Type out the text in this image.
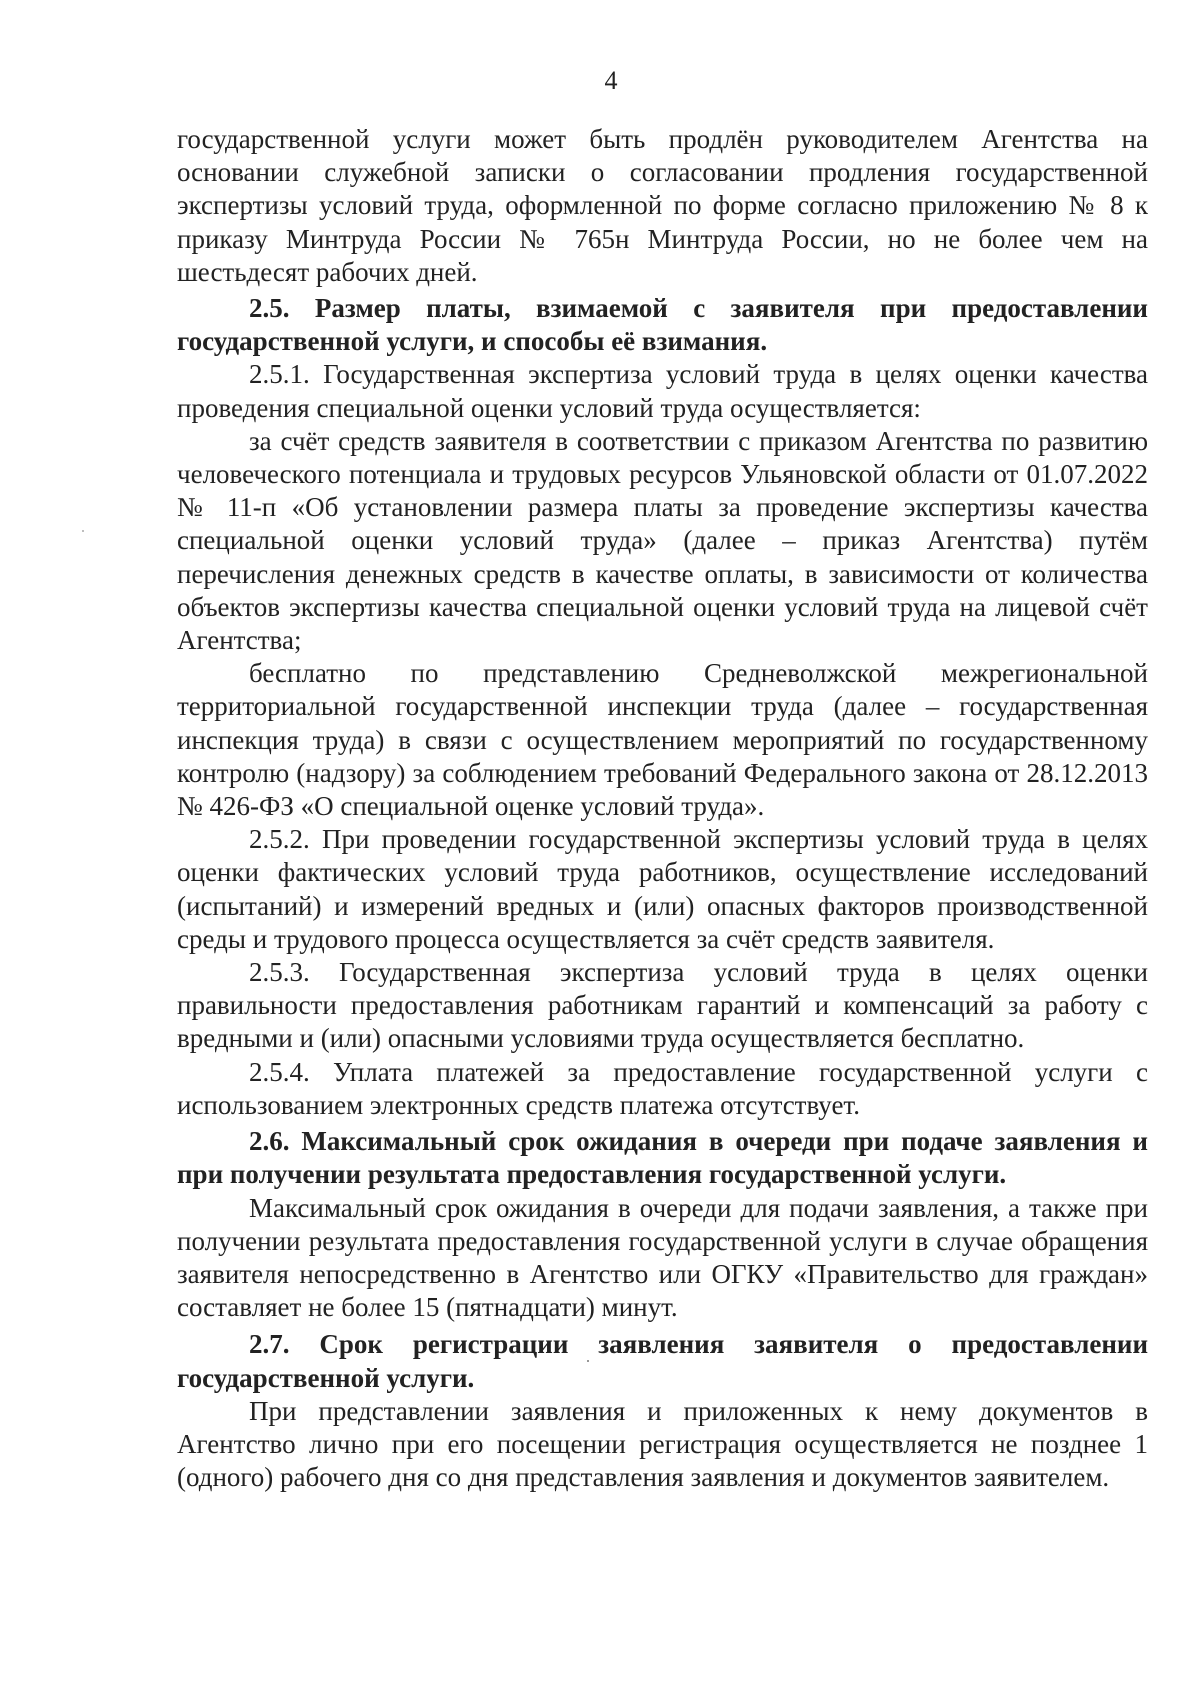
4

государственной услуги может быть продлён руководителем Агентства на основании служебной записки о согласовании продления государственной экспертизы условий труда, оформленной по форме согласно приложению № 8 к приказу Минтруда России № 765н Минтруда России, но не более чем на шестьдесят рабочих дней.

2.5. Размер платы, взимаемой с заявителя при предоставлении государственной услуги, и способы её взимания.

2.5.1. Государственная экспертиза условий труда в целях оценки качества проведения специальной оценки условий труда осуществляется:

за счёт средств заявителя в соответствии с приказом Агентства по развитию человеческого потенциала и трудовых ресурсов Ульяновской области от 01.07.2022 № 11-п «Об установлении размера платы за проведение экспертизы качества специальной оценки условий труда» (далее – приказ Агентства) путём перечисления денежных средств в качестве оплаты, в зависимости от количества объектов экспертизы качества специальной оценки условий труда на лицевой счёт Агентства;

бесплатно по представлению Средневолжской межрегиональной территориальной государственной инспекции труда (далее – государственная инспекция труда) в связи с осуществлением мероприятий по государственному контролю (надзору) за соблюдением требований Федерального закона от 28.12.2013 № 426-ФЗ «О специальной оценке условий труда».

2.5.2. При проведении государственной экспертизы условий труда в целях оценки фактических условий труда работников, осуществление исследований (испытаний) и измерений вредных и (или) опасных факторов производственной среды и трудового процесса осуществляется за счёт средств заявителя.

2.5.3. Государственная экспертиза условий труда в целях оценки правильности предоставления работникам гарантий и компенсаций за работу с вредными и (или) опасными условиями труда осуществляется бесплатно.

2.5.4. Уплата платежей за предоставление государственной услуги с использованием электронных средств платежа отсутствует.

2.6. Максимальный срок ожидания в очереди при подаче заявления и при получении результата предоставления государственной услуги.

Максимальный срок ожидания в очереди для подачи заявления, а также при получении результата предоставления государственной услуги в случае обращения заявителя непосредственно в Агентство или ОГКУ «Правительство для граждан» составляет не более 15 (пятнадцати) минут.

2.7. Срок регистрации заявления заявителя о предоставлении государственной услуги.

При представлении заявления и приложенных к нему документов в Агентство лично при его посещении регистрация осуществляется не позднее 1 (одного) рабочего дня со дня представления заявления и документов заявителем.
